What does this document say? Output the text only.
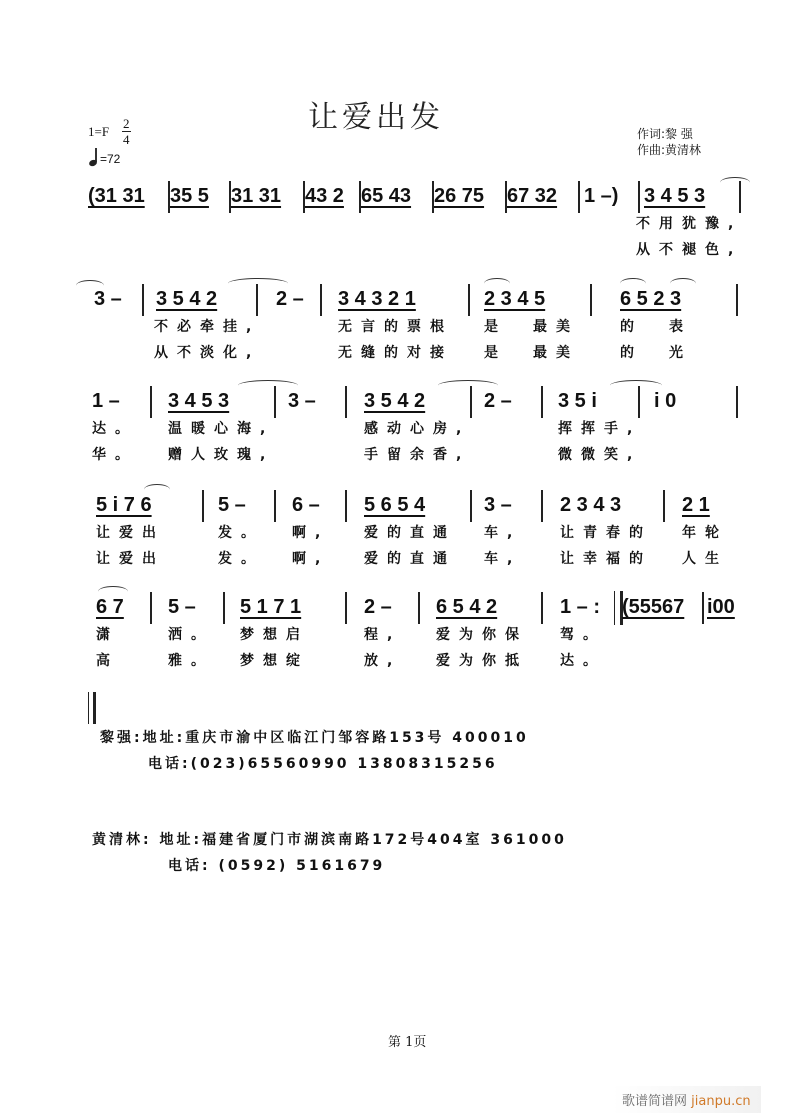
让爱出发
1=F
2
4
=72
作词:黎 强
作曲:黄清林
(31 31 35 5 31 31 43 2 65 43 26 75 67 32 1 –) 3 4 5 3
不用犹豫,
从不褪色,
3 – 3 5 4 2	2 – 3 4 3 2 1	2 3 4 5	6 5 2 3
不必牵挂,	无言的票根 是 最美	的 表
从不淡化,	无缝的对接 是 最美	的 光
1 – 3 4 5 3	3 – 3 5 4 2	2 – 3 5 i	i 0
达。 温暖心海,	感动心房,	挥挥手,
华。 赠人玫瑰,	手留余香,	微微笑,
5 i 7 6	5 – 6 – 5 6 5 4	3 – 2 3 4 3	2 1
让爱出	发。 啊, 爱的直通 车,	让青春的 年轮
让爱出	发。 啊, 爱的直通 车,	让幸福的 人生
6 7 5 – 5 1 7 1	2 – 6 5 4 2	1 – : (55567 i00
潇	洒。 梦想启	程, 爱为你保 驾。
高	雅。 梦想绽	放, 爱为你抵 达。
黎强:地址:重庆市渝中区临江门邹容路153号 400010
电话:(023)65560990 13808315256
黄清林: 地址:福建省厦门市湖滨南路172号404室 361000
电话: (0592) 5161679
第 1页
歌谱简谱网 jianpu.cn
